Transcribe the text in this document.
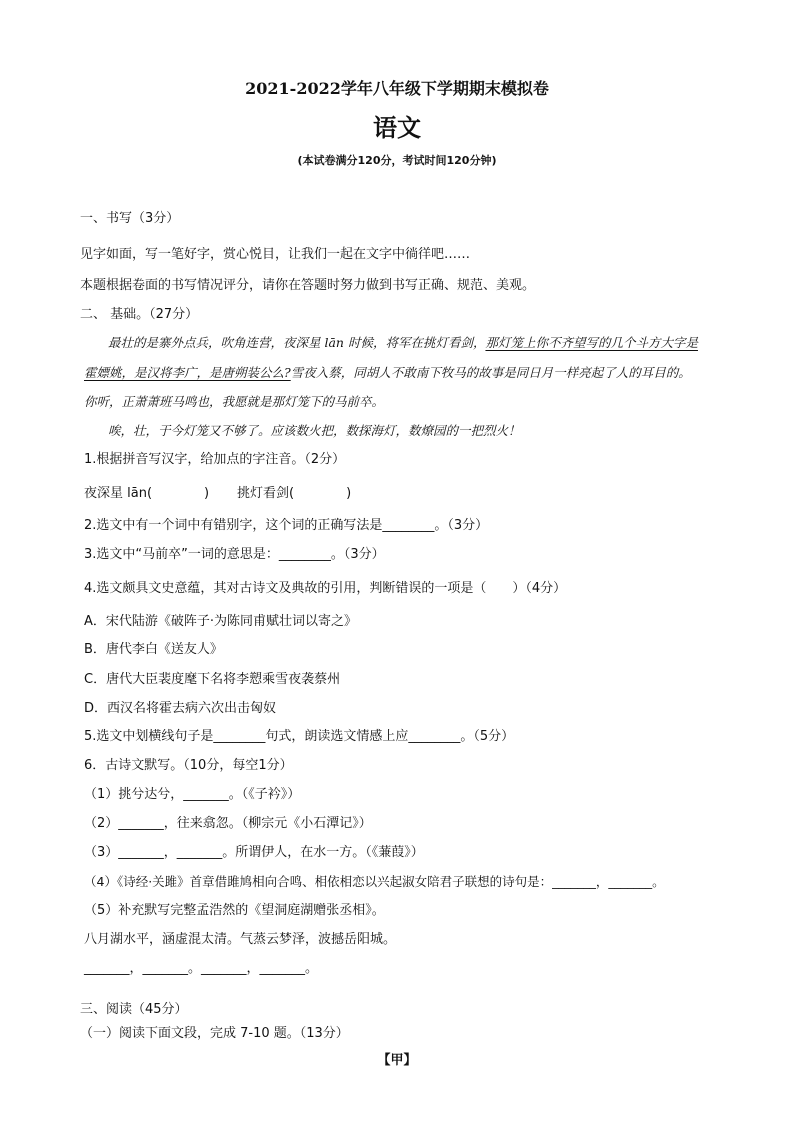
2021-2022学年八年级下学期期末模拟卷
语文
(本试卷满分120分，考试时间120分钟)
一、书写（3分）
见字如面，写一笔好字，赏心悦目，让我们一起在文字中徜徉吧……
本题根据卷面的书写情况评分，请你在答题时努力做到书写正确、规范、美观。
二、 基础。（27分）
最壮的是寨外点兵，吹角连营，夜深星 lān 时候，将军在挑灯看剑，那灯笼上你不齐望写的几个斗方大字是
霍嫖姚，是汉将李广，是唐朔装公么?雪夜入蔡，同胡人不敢南下牧马的故事是同日月一样亮起了人的耳目的。
你听，正萧萧班马鸣也，我愿就是那灯笼下的马前卒。
唉，壮，于今灯笼又不够了。应该数火把，数探海灯，数燎园的一把烈火！
1.根据拼音写汉字，给加点的字注音。（2分）
夜深星 lān(　　　　) 挑灯看剑(　　　　)
2.选文中有一个词中有错别字，这个词的正确写法是________。（3分）
3.选文中“马前卒”一词的意思是：________。（3分）
4.选文颇具文史意蕴，其对古诗文及典故的引用，判断错误的一项是（　　）（4分）
A．宋代陆游《破阵子·为陈同甫赋壮词以寄之》
B．唐代李白《送友人》
C．唐代大臣裴度麾下名将李愬乘雪夜袭蔡州
D．西汉名将霍去病六次出击匈奴
5.选文中划横线句子是________句式，朗读选文情感上应________。（5分）
6．古诗文默写。（10分，每空1分）
（1）挑兮达兮，_______。（《子衿》）
（2）_______，往来翕忽。（柳宗元《小石潭记》）
（3）_______，_______。所谓伊人，在水一方。（《蒹葭》）
（4）《诗经·关雎》首章借雎鸠相向合鸣、相依相恋以兴起淑女陪君子联想的诗句是：_______，_______。
（5）补充默写完整孟浩然的《望洞庭湖赠张丞相》。
八月湖水平，涵虚混太清。气蒸云梦泽，波撼岳阳城。
_______，_______。_______，_______。
三、阅读（45分）
（一）阅读下面文段，完成 7-10 题。（13分）
【甲】
